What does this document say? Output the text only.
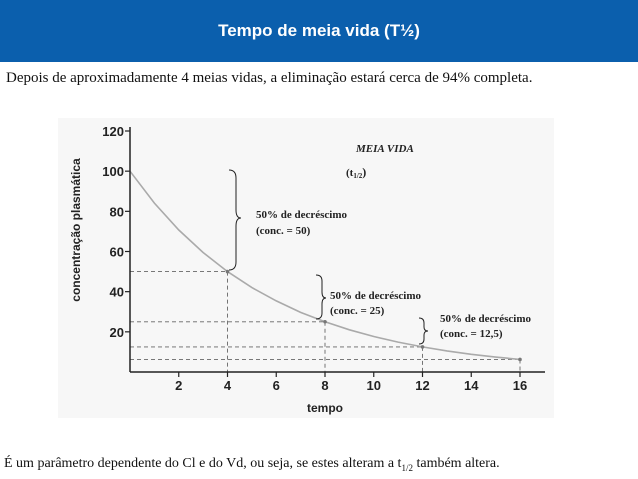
Tempo de meia vida (T½)
Depois de aproximadamente 4 meias vidas, a eliminação estará cerca de 94% completa.
2	4	6	8	10	12	14	16
20
40
60
80
100
120
tempo
concentração plasmática
MEIA VIDA
(t1/2)
50% de decréscimo
(conc. = 50)
50% de decréscimo
(conc. = 25)
50% de decréscimo
(conc. = 12,5)
É um parâmetro dependente do Cl e do Vd, ou seja, se estes alteram a $t_{1/2}$ também altera.
